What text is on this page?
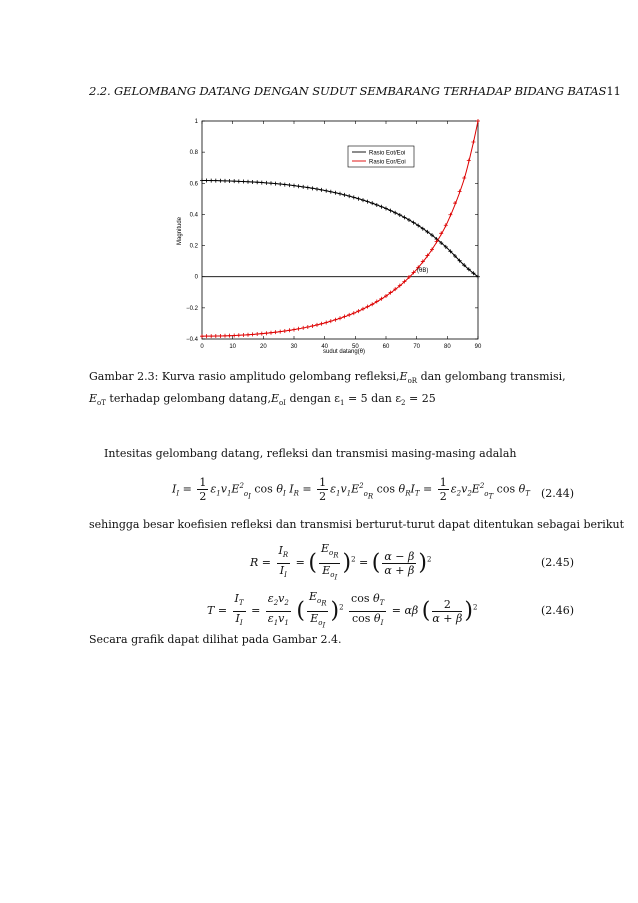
2.2. GELOMBANG DATANG DENGAN SUDUT SEMBARANG TERHADAP BIDANG BATAS11
0	10	20	30	40	50	60	70	80	90
−0.4
−0.2
0
0.2
0.4
0.6
0.8
1
Rasio Eot/Eoi
Rasio Eor/Eoi
(θB)
sudut datang(θ)
Magnitude
Gambar 2.3: Kurva rasio amplitudo gelombang $refleksi,E_{oR}$ dan gelombang transmisi, $E_{oT}$ terhadap gelombang $datang,E_{oI}$ dengan $\varepsilon_1 = 5$ dan $\varepsilon_2 = 25$
Intesitas gelombang datang, refleksi dan transmisi masing-masing adalah
$I_I = \frac{1}{2} \varepsilon_1v_1E^2_{o_I}$ $\cos \theta_I$ $I_R = \frac{1}{2} \varepsilon_1v_1E^2_{o_R}$ $\cos \theta_RI_T = \frac{1}{2} \varepsilon_2v_2E^2_{o_T}$ $\cos \theta_T$ (2.44)
sehingga besar koefisien refleksi dan transmisi berturut-turut dapat ditentukan sebagai berikut
$R = \frac{I_R}{I_I}$ = ( $\frac{E_{o_R}}{E_{o_I}} )^2$ = ( $\frac{\alpha - \beta}{\alpha + \beta} )^2$	(2.45)
$T = \frac{I_T}{I_I} = \frac{\varepsilon_2v_2}{\varepsilon_1v_1}$ ( $\frac{E_{o_R}}{E_{o_I}} )^2 \frac{\cos \theta_T}{\cos \theta_I} = \alpha\beta$ ( $\frac{2}{\alpha + \beta} )^2$	(2.46)
Secara grafik dapat dilihat pada Gambar 2.4.
